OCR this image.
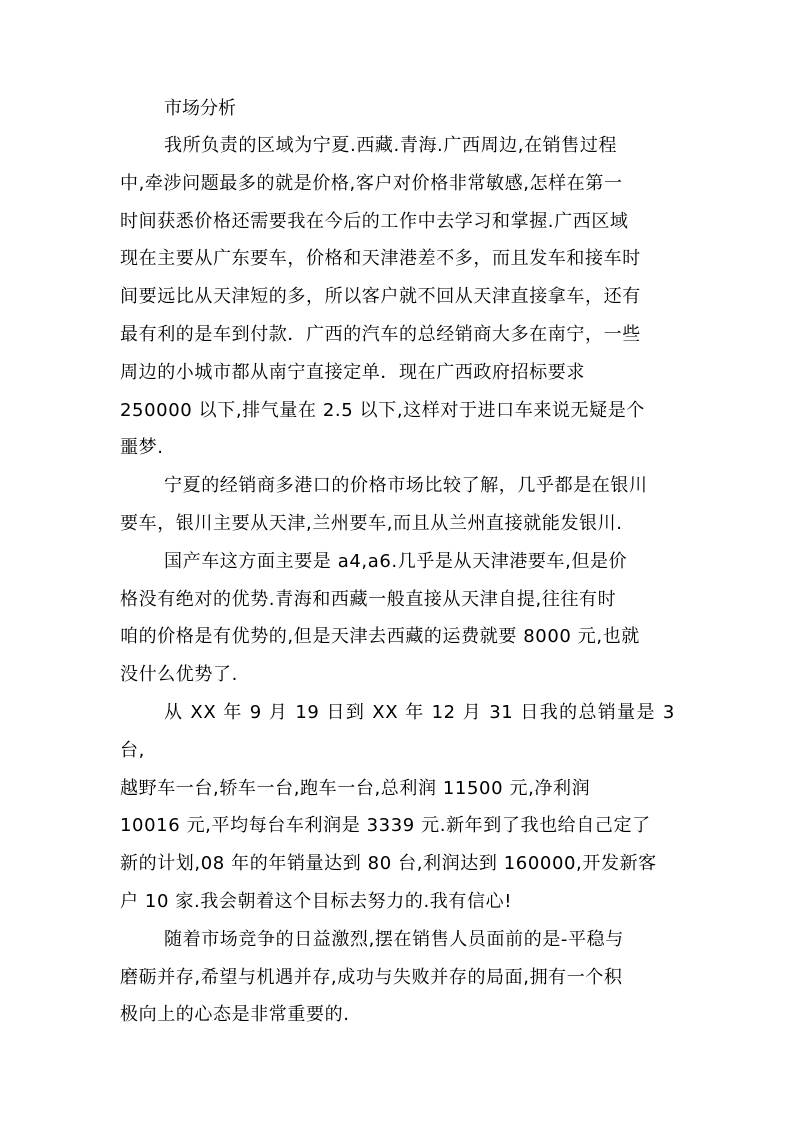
市场分析

我所负责的区域为宁夏.西藏.青海.广西周边,在销售过程
中,牵涉问题最多的就是价格,客户对价格非常敏感,怎样在第一
时间获悉价格还需要我在今后的工作中去学习和掌握.广西区域
现在主要从广东要车，价格和天津港差不多，而且发车和接车时
间要远比从天津短的多，所以客户就不回从天津直接拿车，还有
最有利的是车到付款．广西的汽车的总经销商大多在南宁，一些
周边的小城市都从南宁直接定单．现在广西政府招标要求
250000 以下,排气量在 2.5 以下,这样对于进口车来说无疑是个
噩梦.

宁夏的经销商多港口的价格市场比较了解，几乎都是在银川
要车，银川主要从天津,兰州要车,而且从兰州直接就能发银川.

国产车这方面主要是 a4,a6.几乎是从天津港要车,但是价
格没有绝对的优势.青海和西藏一般直接从天津自提,往往有时
咱的价格是有优势的,但是天津去西藏的运费就要 8000 元,也就
没什么优势了.

从 XX 年 9 月 19 日到 XX 年 12 月 31 日我的总销量是 3 台,
越野车一台,轿车一台,跑车一台,总利润 11500 元,净利润
10016 元,平均每台车利润是 3339 元.新年到了我也给自己定了
新的计划,08 年的年销量达到 80 台,利润达到 160000,开发新客
户 10 家.我会朝着这个目标去努力的.我有信心!

随着市场竞争的日益激烈,摆在销售人员面前的是-平稳与
磨砺并存,希望与机遇并存,成功与失败并存的局面,拥有一个积
极向上的心态是非常重要的.
